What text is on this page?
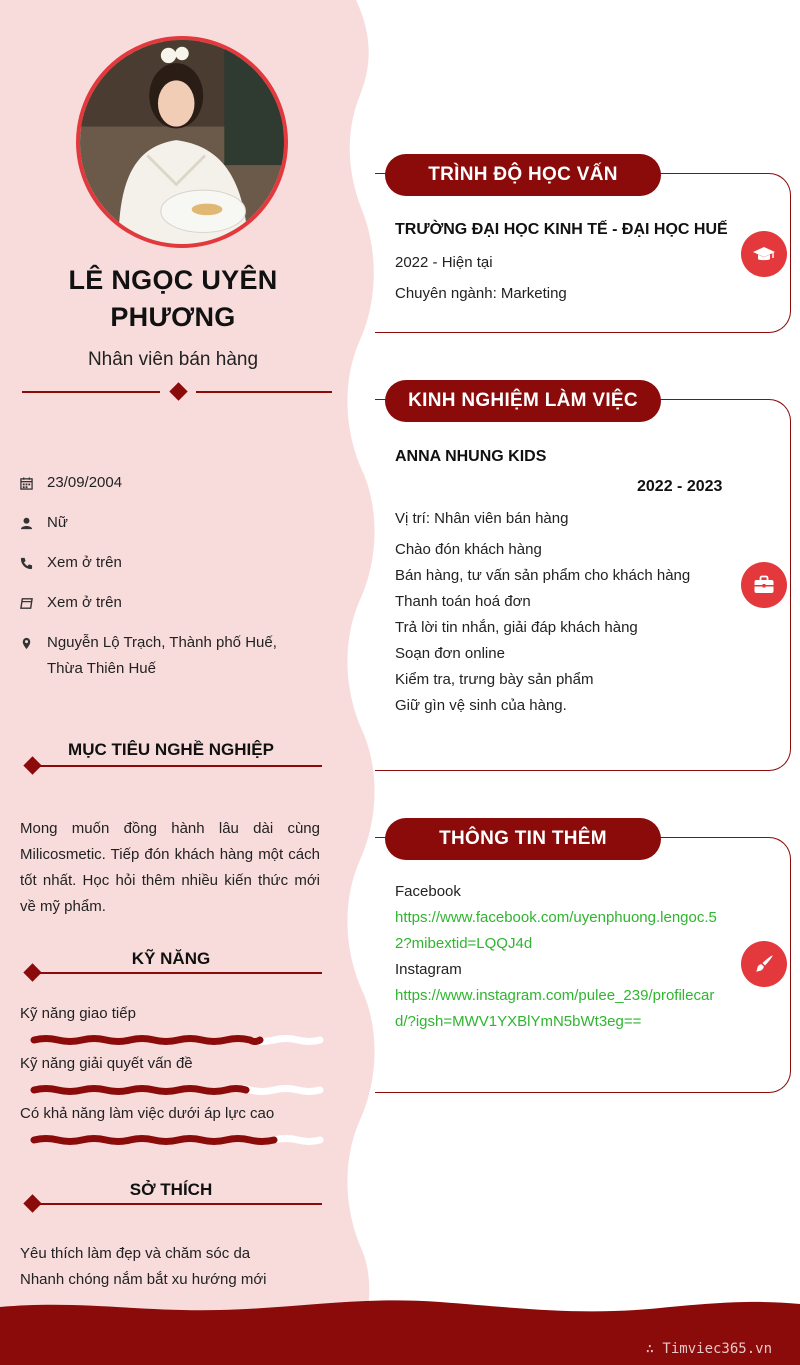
LÊ NGỌC UYÊN
PHƯƠNG
Nhân viên bán hàng
23/09/2004
Nữ
Xem ở trên
Xem ở trên
Nguyễn Lộ Trạch, Thành phố Huế, Thừa Thiên Huế
MỤC TIÊU NGHỀ NGHIỆP
Mong muốn đồng hành lâu dài cùng Milicosmetic. Tiếp đón khách hàng một cách tốt nhất. Học hỏi thêm nhiều kiến thức mới về mỹ phẩm.
KỸ NĂNG
Kỹ năng giao tiếp
Kỹ năng giải quyết vấn đề
Có khả năng làm việc dưới áp lực cao
SỞ THÍCH
Yêu thích làm đẹp và chăm sóc da
Nhanh chóng nắm bắt xu hướng mới
TRÌNH ĐỘ HỌC VẤN
TRƯỜNG ĐẠI HỌC KINH TẾ - ĐẠI HỌC HUẾ
2022 - Hiện tại
Chuyên ngành: Marketing
KINH NGHIỆM LÀM VIỆC
ANNA NHUNG KIDS
2022 - 2023
Vị trí: Nhân viên bán hàng
Chào đón khách hàng
Bán hàng, tư vấn sản phẩm cho khách hàng
Thanh toán hoá đơn
Trả lời tin nhắn, giải đáp khách hàng
Soạn đơn online
Kiểm tra, trưng bày sản phẩm
Giữ gìn vệ sinh của hàng.
THÔNG TIN THÊM
Facebook
https://www.facebook.com/uyenphuong.lengoc.52?mibextid=LQQJ4d
Instagram
https://www.instagram.com/pulee_239/profilecard/?igsh=MWV1YXBlYmN5bWt3eg==
∴ Timviec365.vn
